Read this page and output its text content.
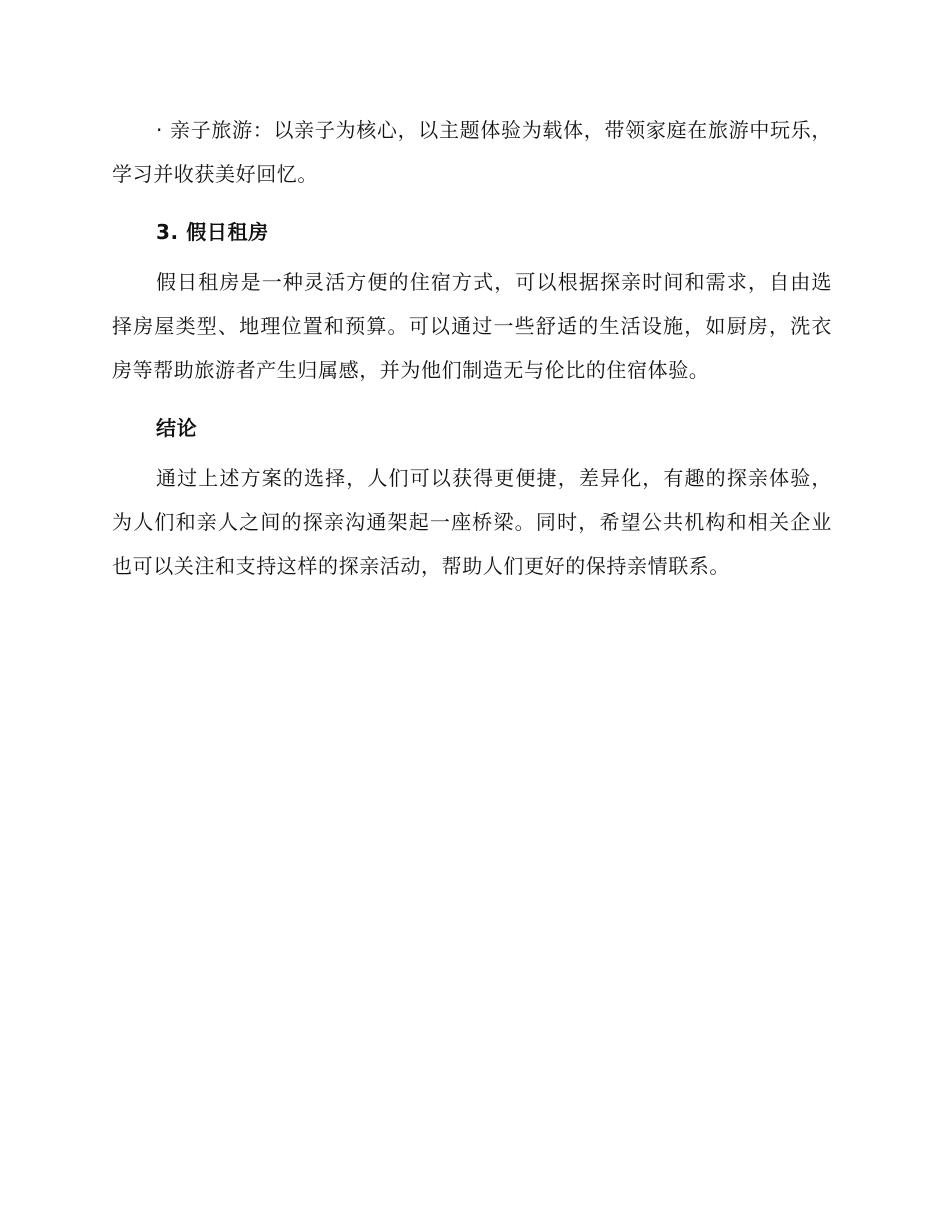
· 亲子旅游：以亲子为核心，以主题体验为载体，带领家庭在旅游中玩乐，学习并收获美好回忆。

3. 假日租房

假日租房是一种灵活方便的住宿方式，可以根据探亲时间和需求，自由选择房屋类型、地理位置和预算。可以通过一些舒适的生活设施，如厨房，洗衣房等帮助旅游者产生归属感，并为他们制造无与伦比的住宿体验。

结论

通过上述方案的选择，人们可以获得更便捷，差异化，有趣的探亲体验，为人们和亲人之间的探亲沟通架起一座桥梁。同时，希望公共机构和相关企业也可以关注和支持这样的探亲活动，帮助人们更好的保持亲情联系。
